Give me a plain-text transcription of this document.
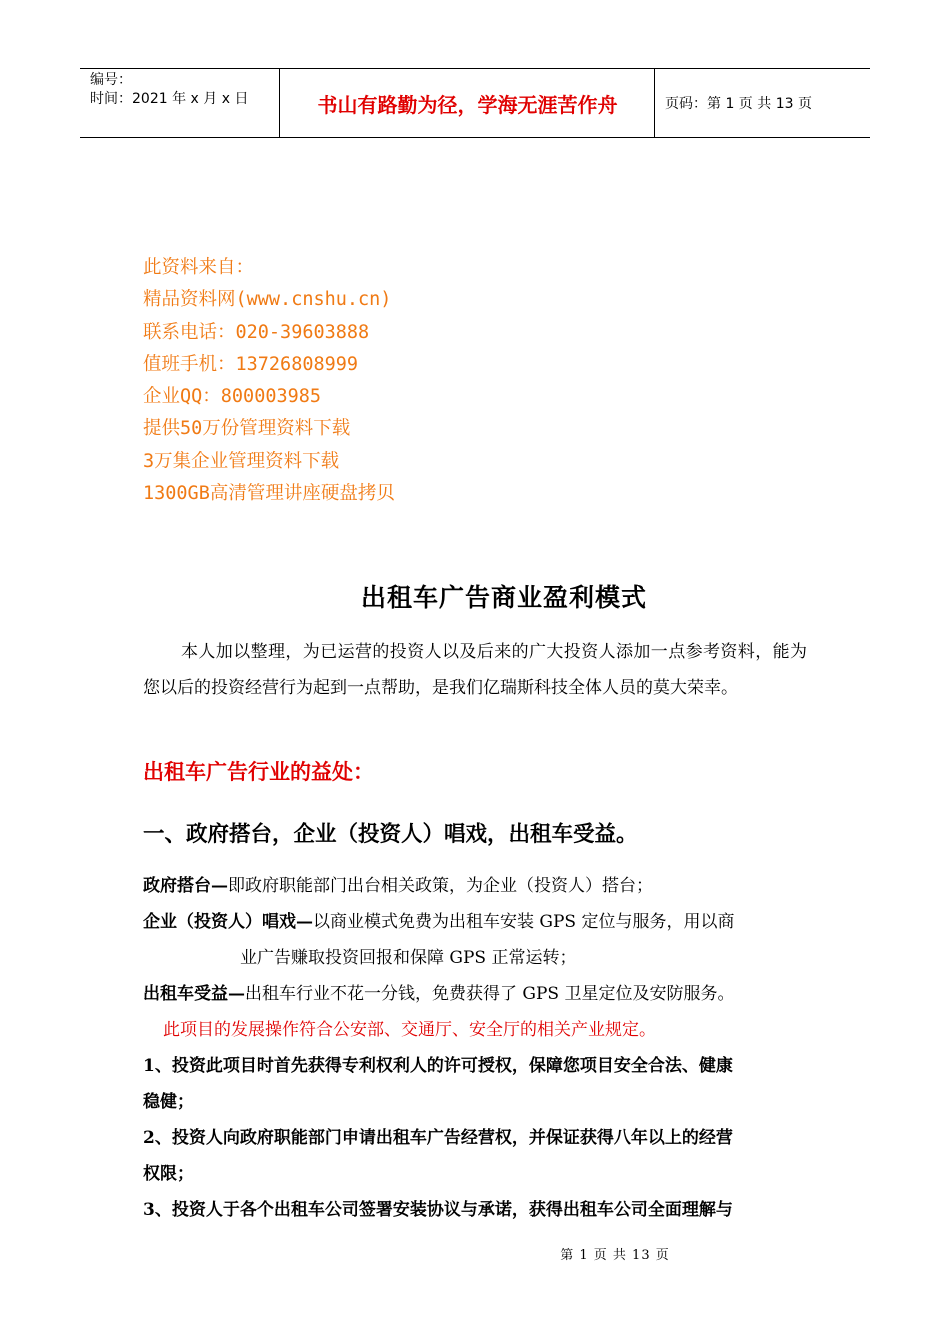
编号：
时间：2021 年 x 月 x 日	书山有路勤为径，学海无涯苦作舟	页码：第 1 页 共 13 页
此资料来自：
精品资料网(www.cnshu.cn)
联系电话：020-39603888
值班手机：13726808999
企业QQ：800003985
提供50万份管理资料下载
3万集企业管理资料下载
1300GB高清管理讲座硬盘拷贝
出租车广告商业盈利模式
本人加以整理，为已运营的投资人以及后来的广大投资人添加一点参考资料，能为您以后的投资经营行为起到一点帮助，是我们亿瑞斯科技全体人员的莫大荣幸。
出租车广告行业的益处：
一、政府搭台，企业（投资人）唱戏，出租车受益。
政府搭台—即政府职能部门出台相关政策，为企业（投资人）搭台；
企业（投资人）唱戏—以商业模式免费为出租车安装 GPS 定位与服务，用以商
业广告赚取投资回报和保障 GPS 正常运转；
出租车受益—出租车行业不花一分钱，免费获得了 GPS 卫星定位及安防服务。
此项目的发展操作符合公安部、交通厅、安全厅的相关产业规定。
1、投资此项目时首先获得专利权利人的许可授权，保障您项目安全合法、健康
稳健；
2、投资人向政府职能部门申请出租车广告经营权，并保证获得八年以上的经营
权限；
3、投资人于各个出租车公司签署安装协议与承诺，获得出租车公司全面理解与
第 1 页 共 13 页
